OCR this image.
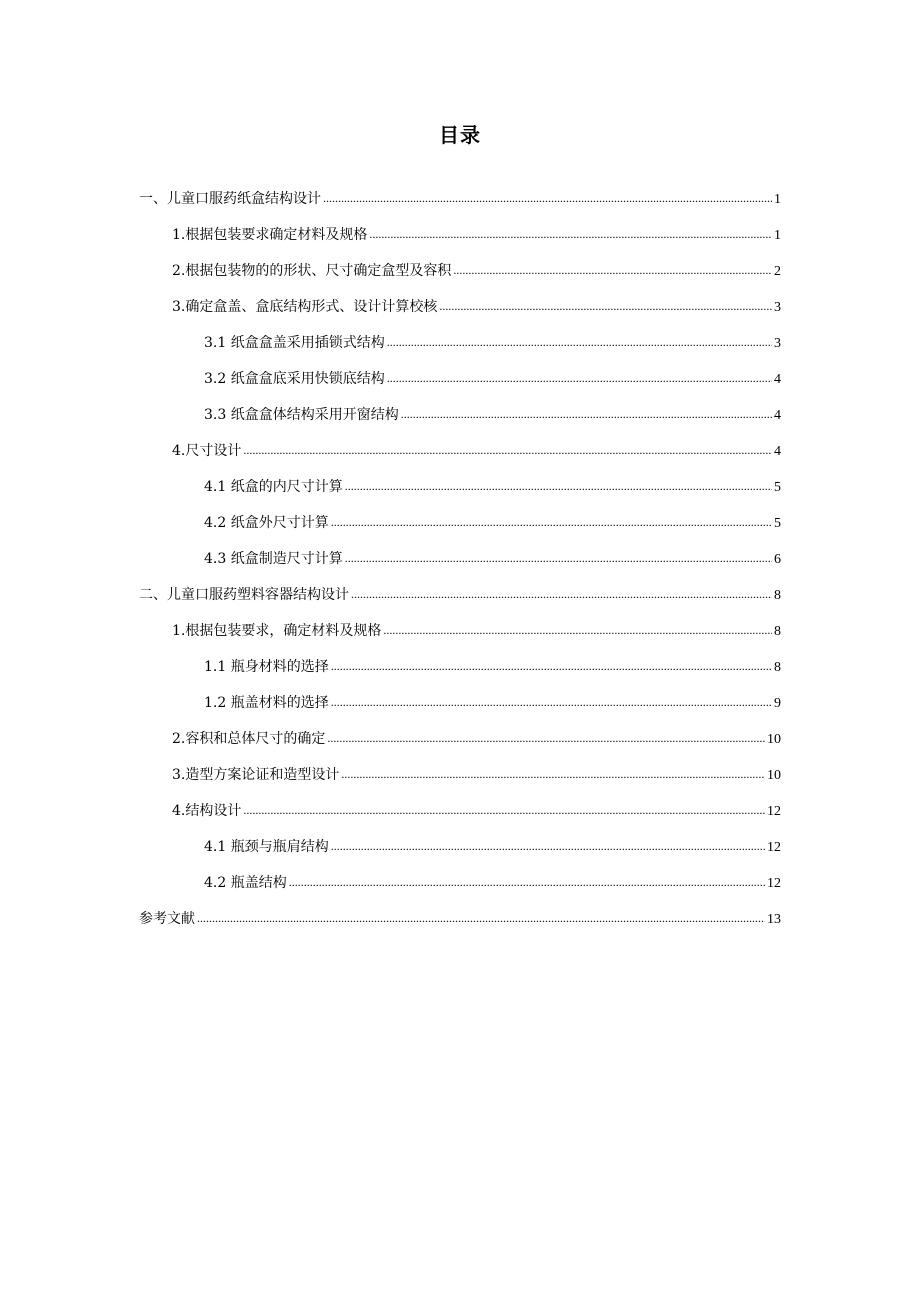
目录
一、儿童口服药纸盒结构设计 .....	1
1.根据包装要求确定材料及规格 .....	1
2.根据包装物的的形状、尺寸确定盒型及容积 .....	2
3.确定盒盖、盒底结构形式、设计计算校核 .....	3
3.1 纸盒盒盖采用插锁式结构 .....	3
3.2 纸盒盒底采用快锁底结构 .....	4
3.3 纸盒盒体结构采用开窗结构 .....	4
4.尺寸设计 .....	4
4.1 纸盒的内尺寸计算 .....	5
4.2 纸盒外尺寸计算 .....	5
4.3 纸盒制造尺寸计算 .....	6
二、儿童口服药塑料容器结构设计 .....	8
1.根据包装要求，确定材料及规格 .....	8
1.1 瓶身材料的选择 .....	8
1.2 瓶盖材料的选择 .....	9
2.容积和总体尺寸的确定 .....	10
3.造型方案论证和造型设计 .....	10
4.结构设计 .....	12
4.1 瓶颈与瓶肩结构 .....	12
4.2 瓶盖结构 .....	12
参考文献 .....	13
